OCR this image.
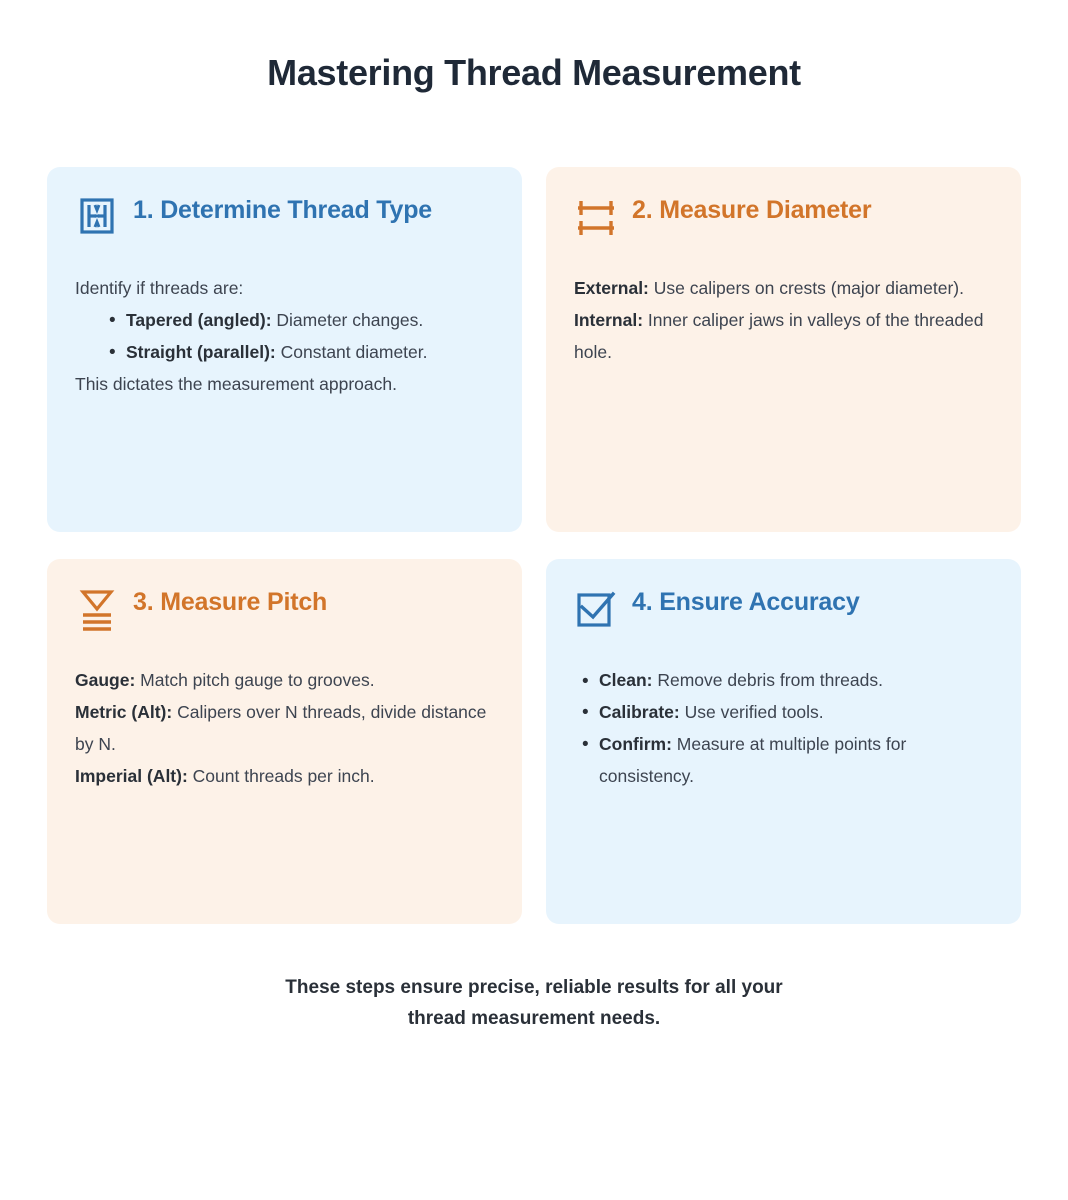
Mastering Thread Measurement
1. Determine Thread Type
Identify if threads are:
• Tapered (angled): Diameter changes.
• Straight (parallel): Constant diameter.
This dictates the measurement approach.
2. Measure Diameter

External: Use calipers on crests (major diameter).

Internal: Inner caliper jaws in valleys of the threaded hole.

3. Measure Pitch

Gauge: Match pitch gauge to grooves.

Metric (Alt): Calipers over N threads, divide distance by N.

Imperial (Alt): Count threads per inch.

4. Ensure Accuracy
• Clean: Remove debris from threads.
• Calibrate: Use verified tools.
• Confirm: Measure at multiple points for consistency.
These steps ensure precise, reliable results for all your
thread measurement needs.
